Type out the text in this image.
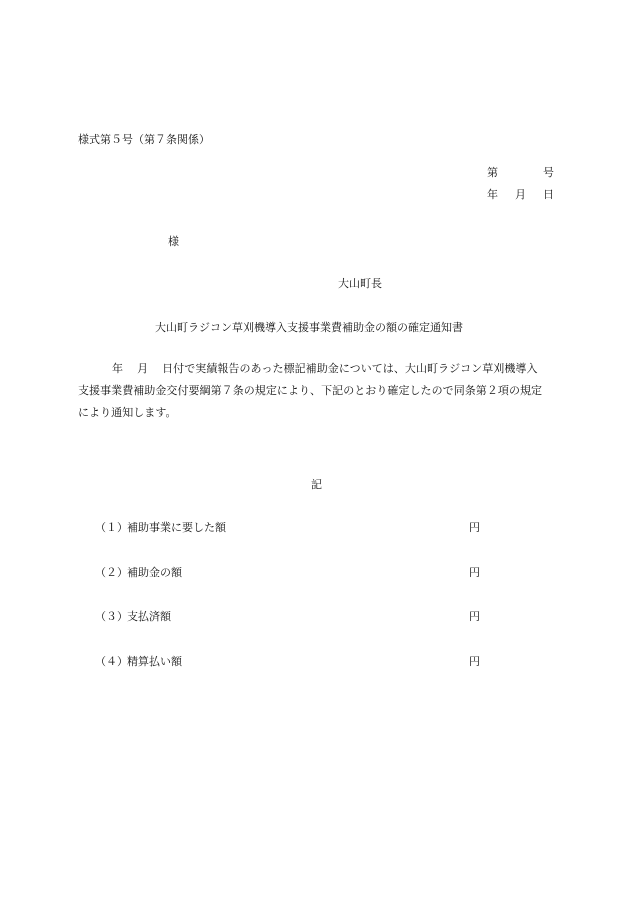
様式第５号（第７条関係）
第	号
年 月 日
様
大山町長
大山町ラジコン草刈機導入支援事業費補助金の額の確定通知書
年 月 日付で実績報告のあった標記補助金については、大山町ラジコン草刈機導入
支援事業費補助金交付要綱第７条の規定により、下記のとおり確定したので同条第２項の規定
により通知します。
記
（１） 補助事業に要した額	円
（２） 補助金の額	円
（３） 支払済額	円
（４） 精算払い額	円
